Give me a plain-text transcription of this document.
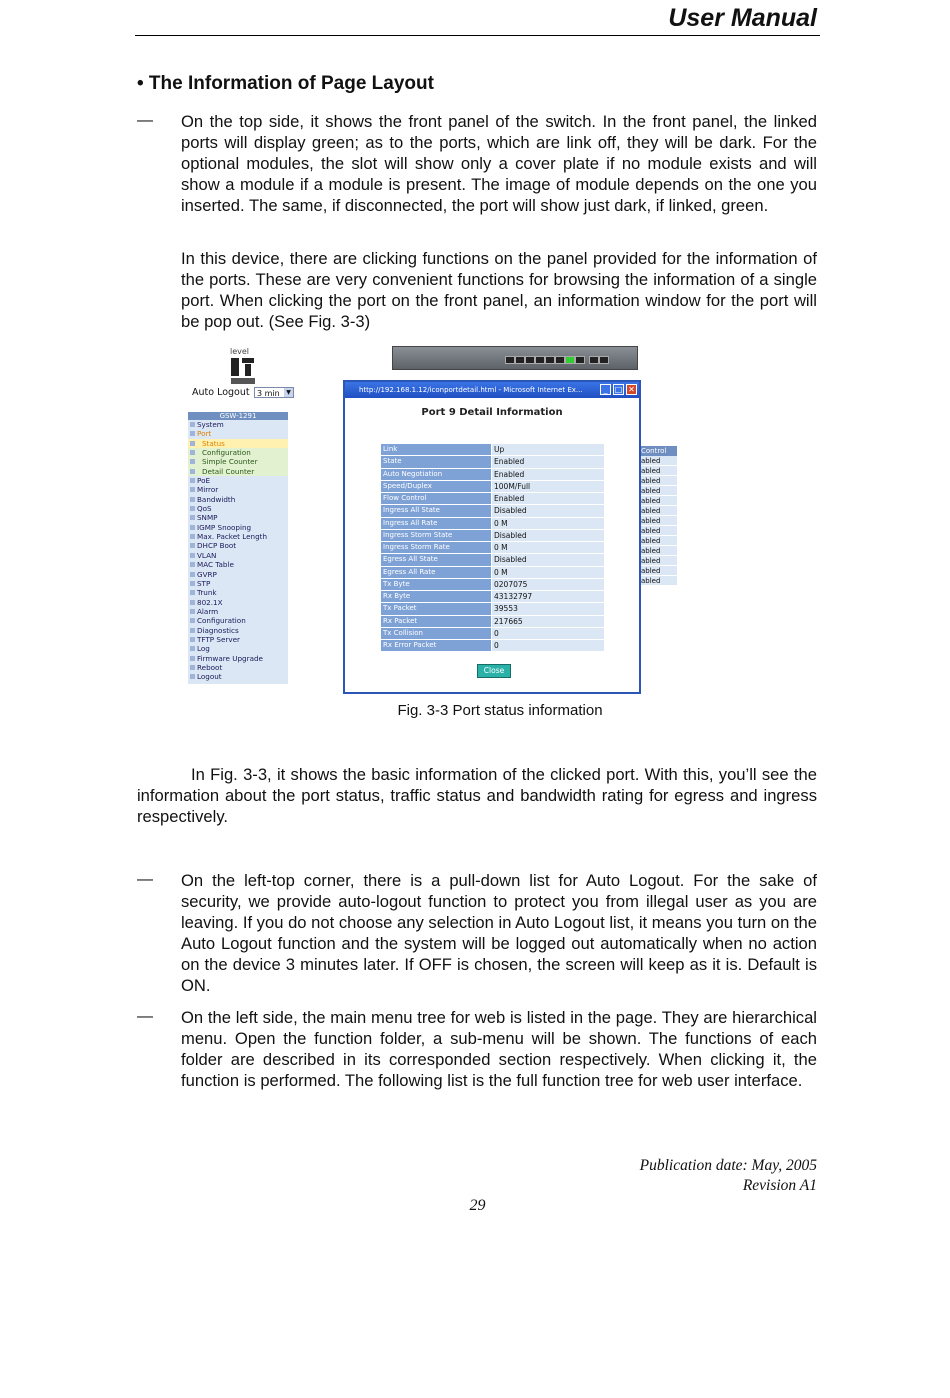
User Manual
• The Information of Page Layout
— On the top side, it shows the front panel of the switch. In the front panel, the linked ports will display green; as to the ports, which are link off, they will be dark. For the optional modules, the slot will show only a cover plate if no module exists and will show a module if a module is present. The image of module depends on the one you inserted. The same, if disconnected, the port will show just dark, if linked, green.
In this device, there are clicking functions on the panel provided for the information of the ports. These are very convenient functions for browsing the information of a single port. When clicking the port on the front panel, an information window for the port will be pop out. (See Fig. 3-3)
level
Auto Logout 3 min	▼
GSW-1291
System
Port
Status
Configuration
Simple Counter
Detail Counter
PoE
Mirror
Bandwidth
QoS
SNMP
IGMP Snooping
Max. Packet Length
DHCP Boot
VLAN
MAC Table
GVRP
STP
Trunk
802.1X
Alarm
Configuration
Diagnostics
TFTP Server
Log
Firmware Upgrade
Reboot
Logout
Control
abled
abled
abled
abled
abled
abled
abled
abled
abled
abled
abled
abled
abled
http://192.168.1.12/iconportdetail.html - Microsoft Internet Ex...	_ □ ✕
Port 9 Detail Information
Link	Up
State	Enabled
Auto Negotiation	Enabled
Speed/Duplex	100M/Full
Flow Control	Enabled
Ingress All State	Disabled
Ingress All Rate	0 M
Ingress Storm State	Disabled
Ingress Storm Rate	0 M
Egress All State	Disabled
Egress All Rate	0 M
Tx Byte	0207075
Rx Byte	43132797
Tx Packet	39553
Rx Packet	217665
Tx Collision	0
Rx Error Packet	0
Close
Fig. 3-3 Port status information
In Fig. 3-3, it shows the basic information of the clicked port. With this, you’ll see the information about the port status, traffic status and bandwidth rating for egress and ingress respectively.
— On the left-top corner, there is a pull-down list for Auto Logout. For the sake of security, we provide auto-logout function to protect you from illegal user as you are leaving. If you do not choose any selection in Auto Logout list, it means you turn on the Auto Logout function and the system will be logged out automatically when no action on the device 3 minutes later. If OFF is chosen, the screen will keep as it is. Default is ON.
— On the left side, the main menu tree for web is listed in the page. They are hierarchical menu. Open the function folder, a sub-menu will be shown. The functions of each folder are described in its corresponded section respectively. When clicking it, the function is performed. The following list is the full function tree for web user interface.
Publication date: May, 2005
Revision A1
29
